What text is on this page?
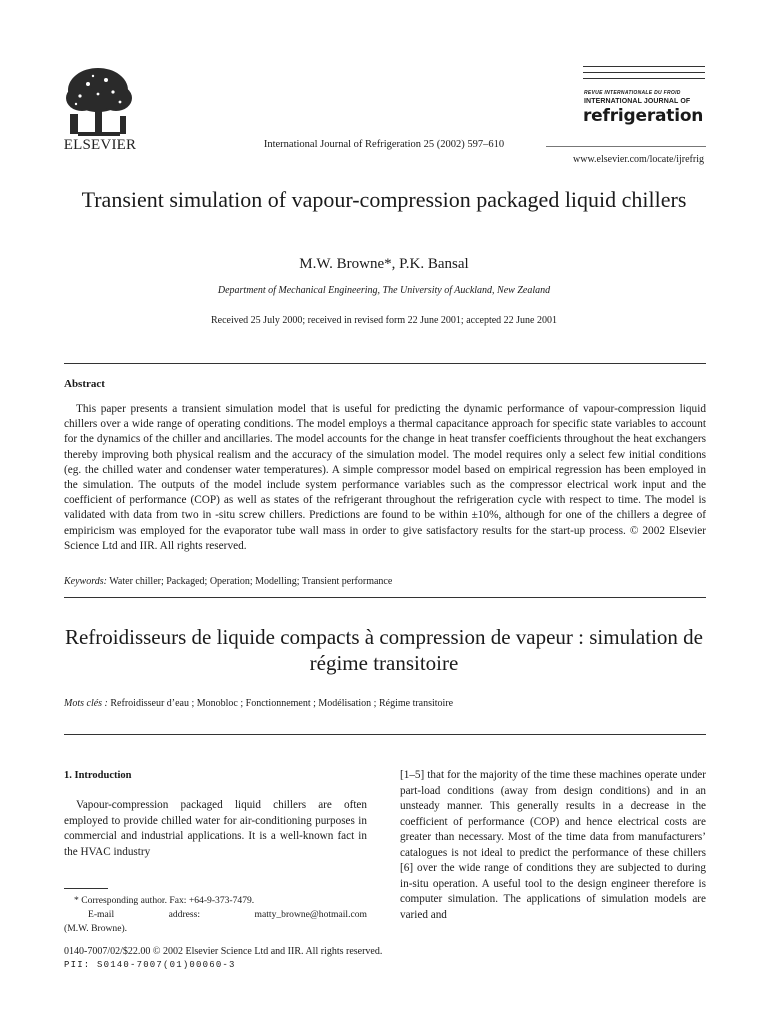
ELSEVIER	International Journal of Refrigeration 25 (2002) 597–610
REVUE INTERNATIONALE DU FROID
INTERNATIONAL JOURNAL OF
refrigeration
www.elsevier.com/locate/ijrefrig
Transient simulation of vapour-compression packaged liquid chillers
M.W. Browne*, P.K. Bansal
Department of Mechanical Engineering, The University of Auckland, New Zealand
Received 25 July 2000; received in revised form 22 June 2001; accepted 22 June 2001
Abstract
This paper presents a transient simulation model that is useful for predicting the dynamic performance of vapour-compression liquid chillers over a wide range of operating conditions. The model employs a thermal capacitance approach for specific state variables to account for the dynamics of the chiller and ancillaries. The model accounts for the change in heat transfer coefficients throughout the heat exchangers thereby improving both physical realism and the accuracy of the simulation model. The model requires only a select few initial conditions (eg. the chilled water and condenser water temperatures). A simple compressor model based on empirical regression has been employed in the simulation. The outputs of the model include system performance variables such as the compressor electrical work input and the coefficient of performance (COP) as well as states of the refrigerant throughout the refrigeration cycle with respect to time. The model is validated with data from two in -situ screw chillers. Predictions are found to be within ±10%, although for one of the chillers a degree of empiricism was employed for the evaporator tube wall mass in order to give satisfactory results for the start-up process. © 2002 Elsevier Science Ltd and IIR. All rights reserved.
Keywords: Water chiller; Packaged; Operation; Modelling; Transient performance
Refroidisseurs de liquide compacts à compression de vapeur : simulation de régime transitoire
Mots clés : Refroidisseur d’eau ; Monobloc ; Fonctionnement ; Modélisation ; Régime transitoire
1. Introduction
Vapour-compression packaged liquid chillers are often employed to provide chilled water for air-conditioning purposes in commercial and industrial applications. It is a well-known fact in the HVAC industry
[1–5] that for the majority of the time these machines operate under part-load conditions (away from design conditions) and in an unsteady manner. This generally results in a decrease in the coefficient of performance (COP) and hence electrical costs are greater than necessary. Most of the time data from manufacturers’ catalogues is not ideal to predict the performance of these chillers [6] over the wide range of conditions they are subjected to during in-situ operation. A useful tool to the design engineer therefore is computer simulation. The applications of simulation models are varied and
* Corresponding author. Fax: +64-9-373-7479.
E-mail	address:	matty_browne@hotmail.com
(M.W. Browne).
0140-7007/02/$22.00 © 2002 Elsevier Science Ltd and IIR. All rights reserved.
PII: S0140-7007(01)00060-3
